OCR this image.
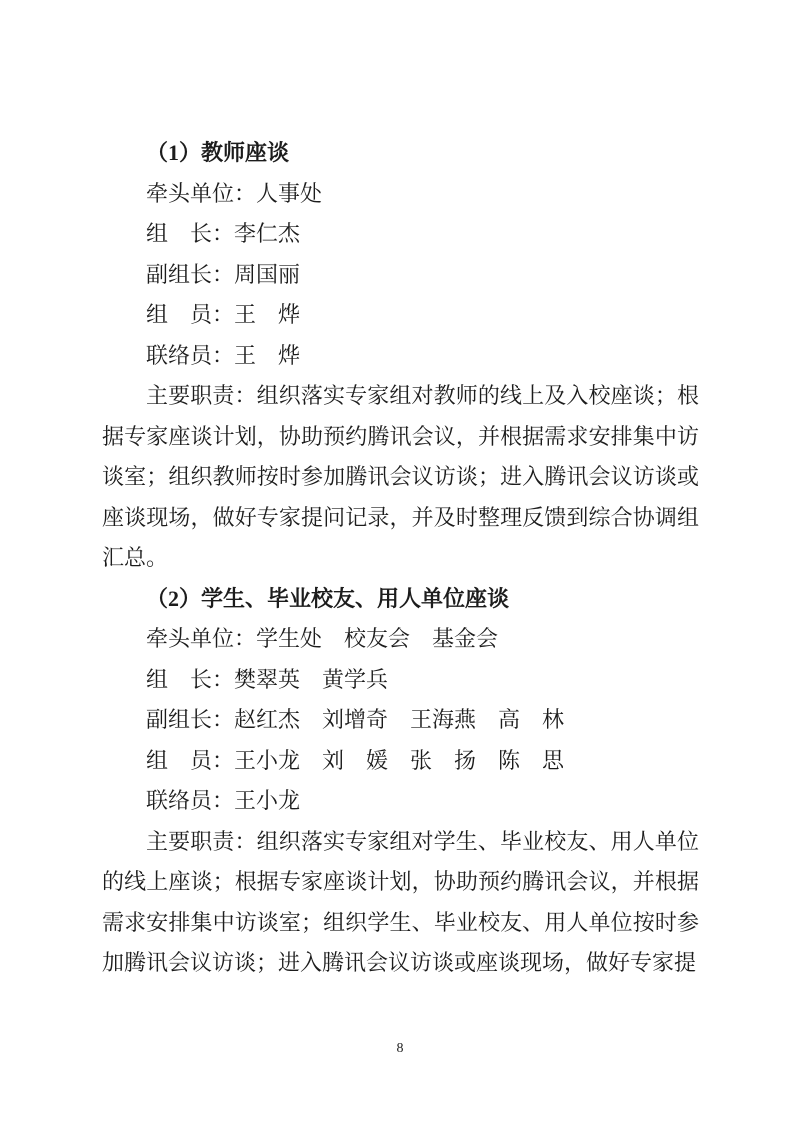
（1）教师座谈

牵头单位：人事处

组　长：李仁杰

副组长：周国丽

组　员：王　烨

联络员：王　烨

主要职责：组织落实专家组对教师的线上及入校座谈；根据专家座谈计划，协助预约腾讯会议，并根据需求安排集中访谈室；组织教师按时参加腾讯会议访谈；进入腾讯会议访谈或座谈现场，做好专家提问记录，并及时整理反馈到综合协调组汇总。

（2）学生、毕业校友、用人单位座谈

牵头单位：学生处　校友会　基金会

组　长：樊翠英　黄学兵

副组长：赵红杰　刘增奇　王海燕　高　林

组　员：王小龙　刘　媛　张　扬　陈　思

联络员：王小龙

主要职责：组织落实专家组对学生、毕业校友、用人单位的线上座谈；根据专家座谈计划，协助预约腾讯会议，并根据需求安排集中访谈室；组织学生、毕业校友、用人单位按时参加腾讯会议访谈；进入腾讯会议访谈或座谈现场，做好专家提

8
